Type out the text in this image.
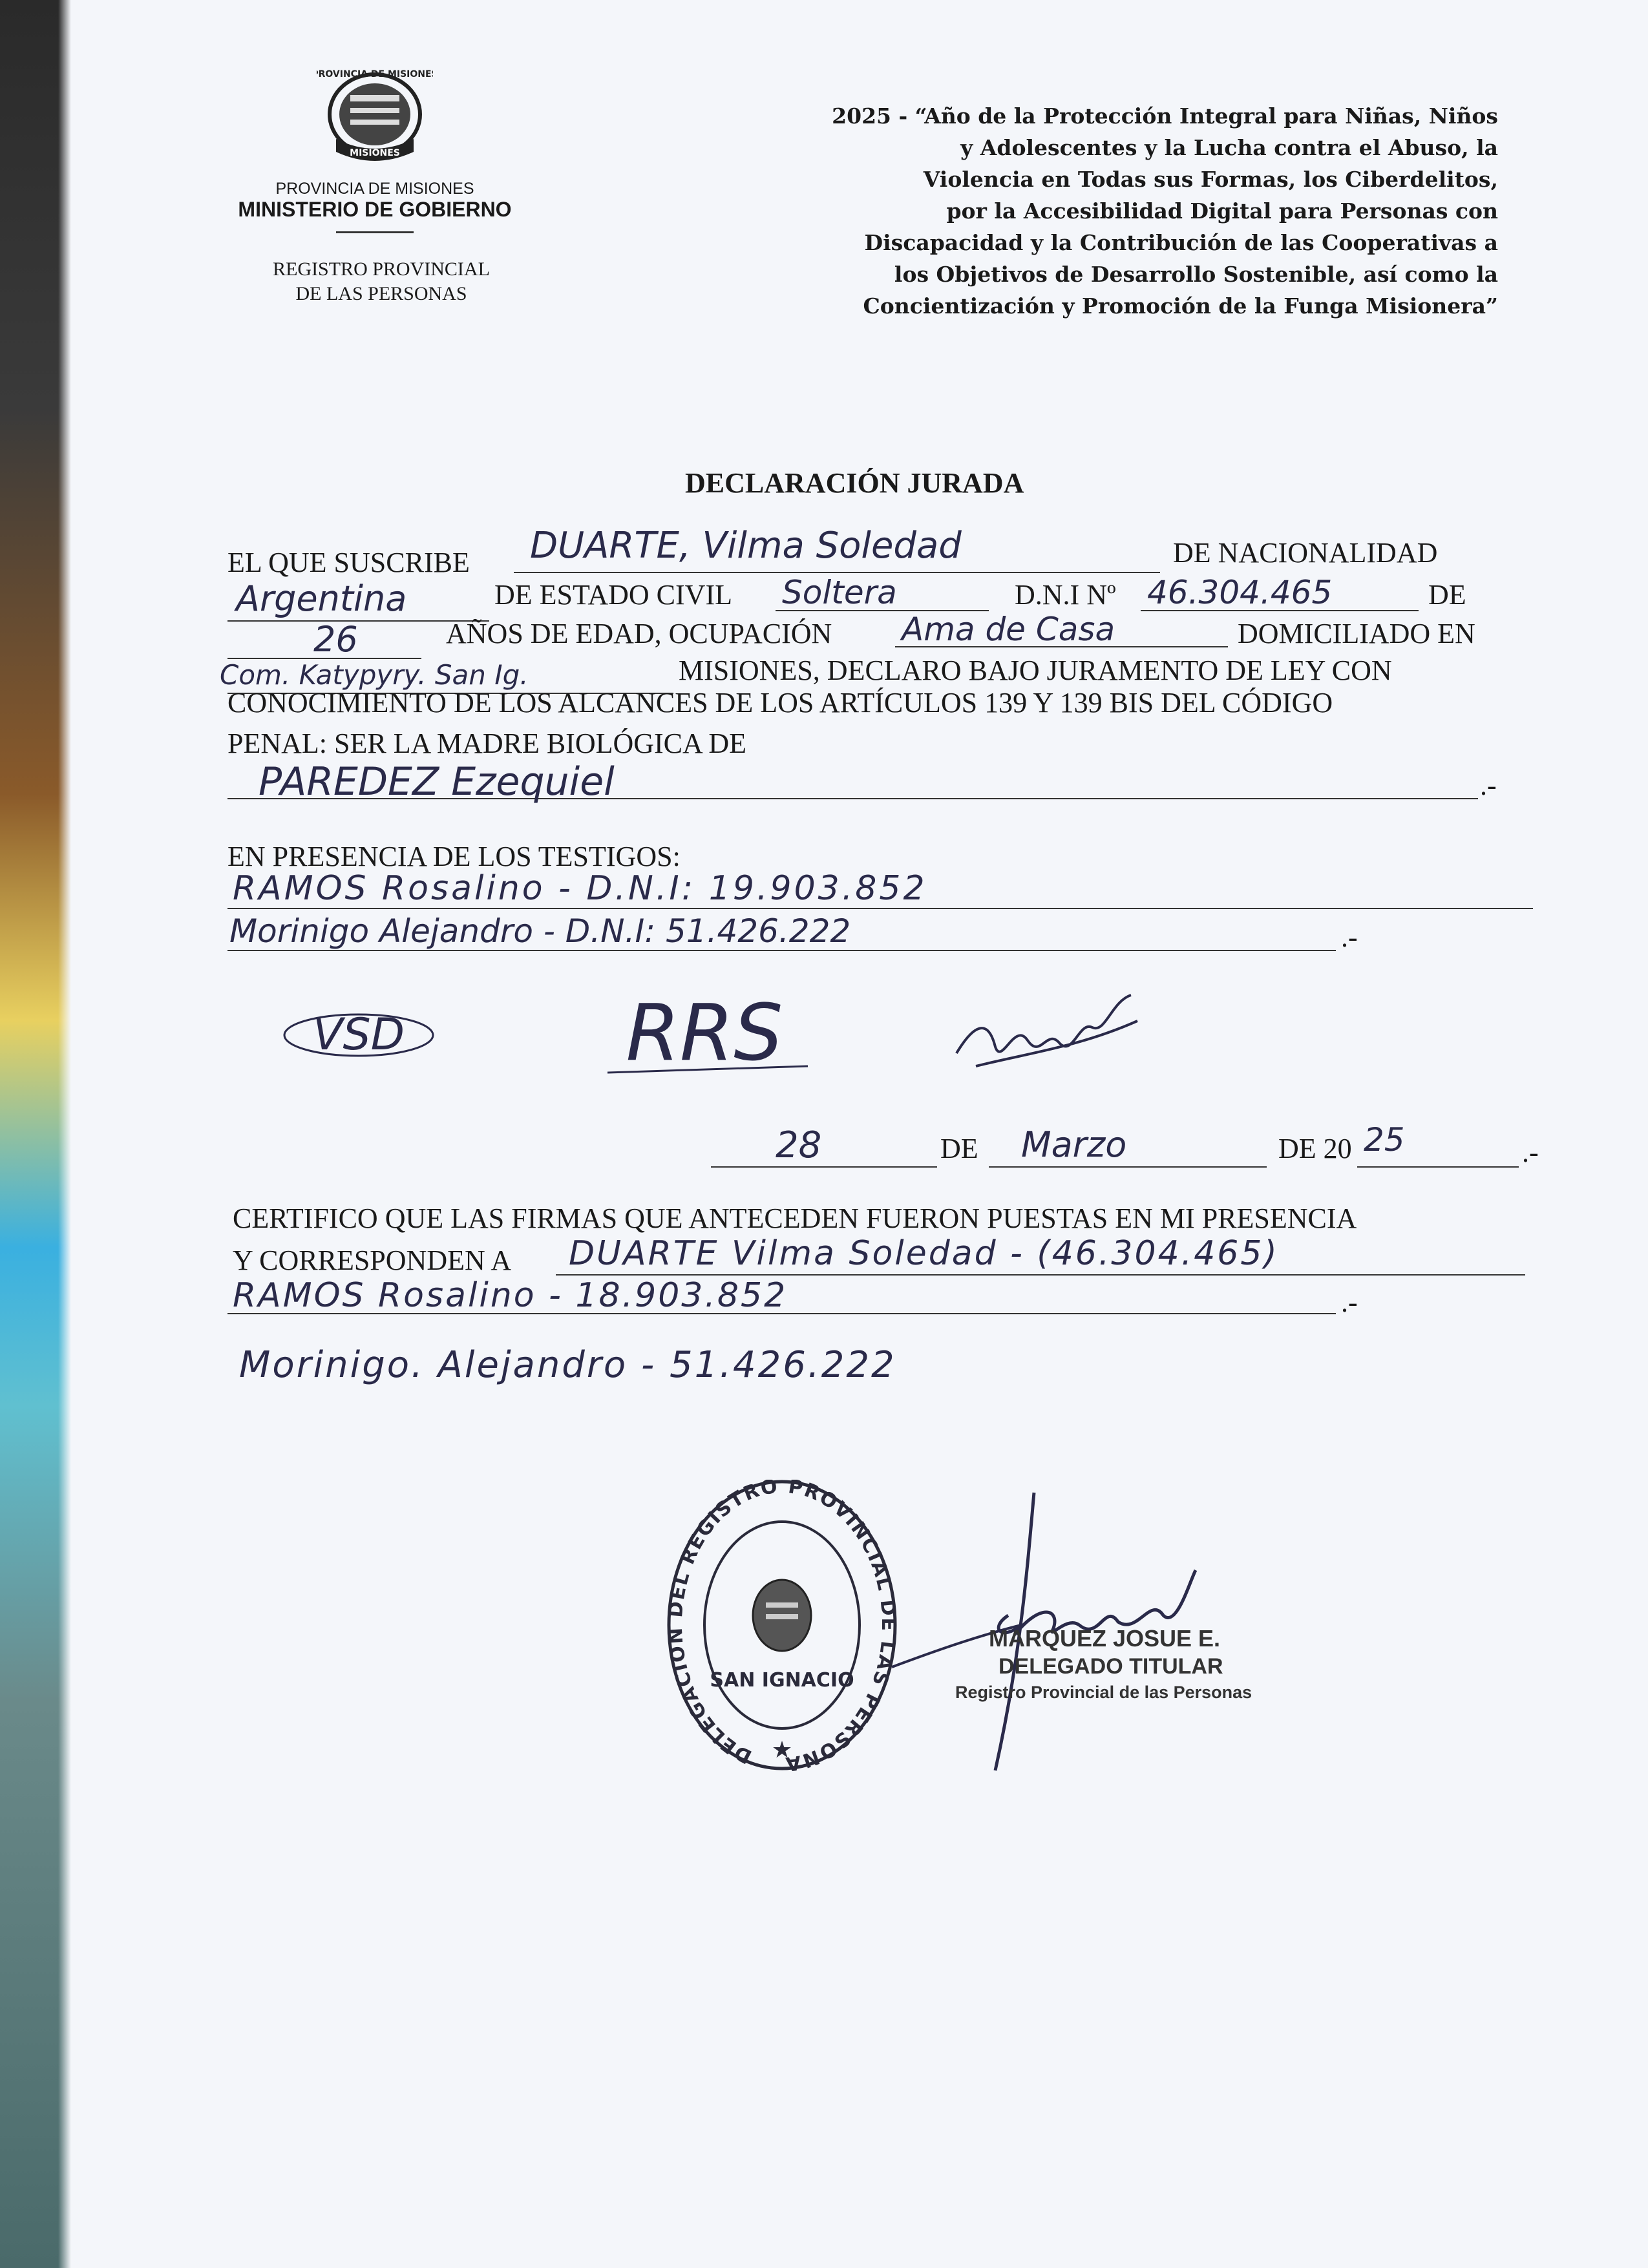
PROVINCIA DE MISIONES
MISIONES
PROVINCIA DE MISIONES
MINISTERIO DE GOBIERNO
REGISTRO PROVINCIAL
DE LAS PERSONAS
2025 - “Año de la Protección Integral para Niñas, Niños
y Adolescentes y la Lucha contra el Abuso, la
Violencia en Todas sus Formas, los Ciberdelitos,
por la Accesibilidad Digital para Personas con
Discapacidad y la Contribución de las Cooperativas a
los Objetivos de Desarrollo Sostenible, así como la
Concientización y Promoción de la Funga Misionera”
DECLARACIÓN JURADA
EL QUE SUSCRIBE DUARTE, Vilma Soledad	DE NACIONALIDAD
Argentina	DE ESTADO CIVIL Soltera	D.N.I Nº 46.304.465	DE
26	AÑOS DE EDAD, OCUPACIÓN Ama de Casa	DOMICILIADO EN
Com. Katypyry. San Ig.	MISIONES, DECLARO BAJO JURAMENTO DE LEY CON
CONOCIMIENTO DE LOS ALCANCES DE LOS ARTÍCULOS 139 Y 139 BIS DEL CÓDIGO
PENAL: SER LA MADRE BIOLÓGICA DE
PAREDEZ Ezequiel	.-
EN PRESENCIA DE LOS TESTIGOS:
RAMOS Rosalino - D.N.I: 19.903.852
Morinigo Alejandro - D.N.I: 51.426.222	.-
VSD	RRS
28	DE Marzo	DE 20 25	.-
CERTIFICO QUE LAS FIRMAS QUE ANTECEDEN FUERON PUESTAS EN MI PRESENCIA
Y CORRESPONDEN A DUARTE Vilma Soledad - (46.304.465)
RAMOS Rosalino - 18.903.852	.-
Morinigo. Alejandro - 51.426.222
DELEGACION DEL REGISTRO PROVINCIAL DE LAS PERSONA
SAN IGNACIO
★
MARQUEZ JOSUE E.
DELEGADO TITULAR
Registro Provincial de las Personas
